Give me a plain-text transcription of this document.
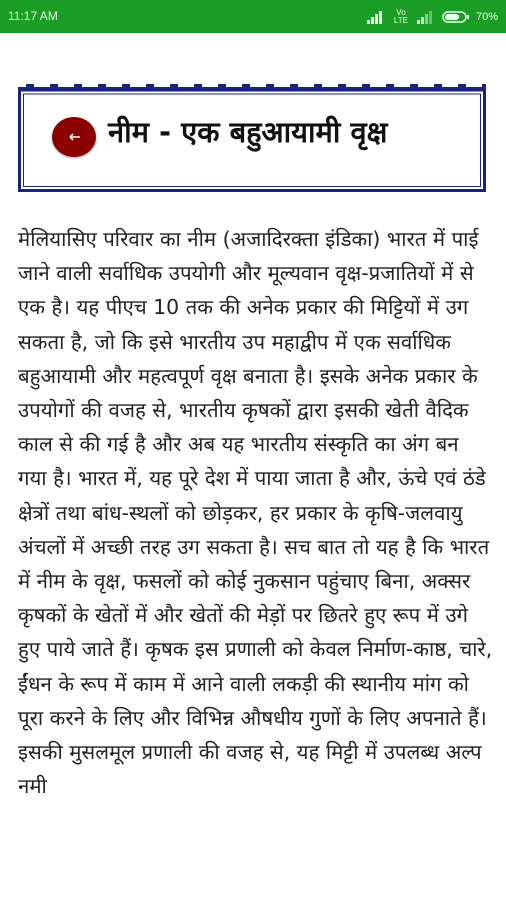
11:17 AM	Vo LTE	70%
नीम - एक बहुआयामी वृक्ष

मेलियासिए परिवार का नीम (अजादिरक्ता इंडिका) भारत में पाई जाने वाली सर्वाधिक उपयोगी और मूल्यवान वृक्ष-प्रजातियों में से एक है। यह पीएच 10 तक की अनेक प्रकार की मिट्टियों में उग सकता है, जो कि इसे भारतीय उप महाद्वीप में एक सर्वाधिक बहुआयामी और महत्वपूर्ण वृक्ष बनाता है। इसके अनेक प्रकार के उपयोगों की वजह से, भारतीय कृषकों द्वारा इसकी खेती वैदिक काल से की गई है और अब यह भारतीय संस्कृति का अंग बन गया है। भारत में, यह पूरे देश में पाया जाता है और, ऊंचे एवं ठंडे क्षेत्रों तथा बांध-स्थलों को छोड़कर, हर प्रकार के कृषि-जलवायु अंचलों में अच्छी तरह उग सकता है। सच बात तो यह है कि भारत में नीम के वृक्ष, फसलों को कोई नुकसान पहुंचाए बिना, अक्सर कृषकों के खेतों में और खेतों की मेड़ों पर छितरे हुए रूप में उगे हुए पाये जाते हैं। कृषक इस प्रणाली को केवल निर्माण-काष्ठ, चारे, ईंधन के रूप में काम में आने वाली लकड़ी की स्थानीय मांग को पूरा करने के लिए और विभिन्न औषधीय गुणों के लिए अपनाते हैं। इसकी मुसलमूल प्रणाली की वजह से, यह मिट्टी में उपलब्ध अल्प नमी
